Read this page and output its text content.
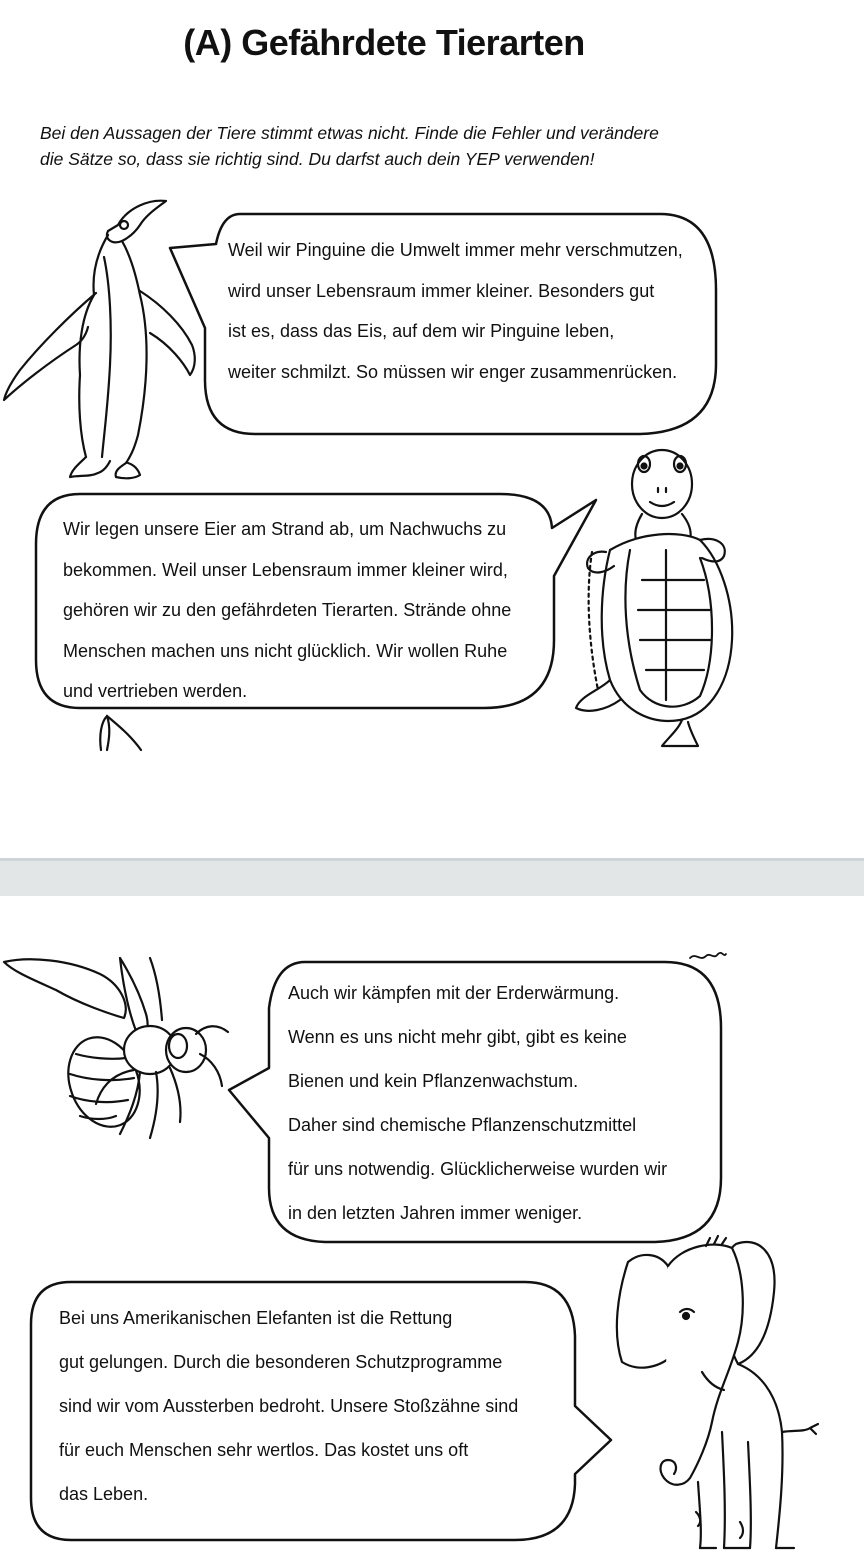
(A) Gefährdete Tierarten

Bei den Aussagen der Tiere stimmt etwas nicht. Finde die Fehler und verändere

die Sätze so, dass sie richtig sind. Du darfst auch dein YEP verwenden!

Weil wir Pinguine die Umwelt immer mehr verschmutzen,

wird unser Lebensraum immer kleiner. Besonders gut

ist es, dass das Eis, auf dem wir Pinguine leben,

weiter schmilzt. So müssen wir enger zusammenrücken.

Wir legen unsere Eier am Strand ab, um Nachwuchs zu

bekommen. Weil unser Lebensraum immer kleiner wird,

gehören wir zu den gefährdeten Tierarten. Strände ohne

Menschen machen uns nicht glücklich. Wir wollen Ruhe

und vertrieben werden.

Auch wir kämpfen mit der Erderwärmung.

Wenn es uns nicht mehr gibt, gibt es keine

Bienen und kein Pflanzenwachstum.

Daher sind chemische Pflanzenschutzmittel

für uns notwendig. Glücklicherweise wurden wir

in den letzten Jahren immer weniger.

Bei uns Amerikanischen Elefanten ist die Rettung

gut gelungen. Durch die besonderen Schutzprogramme

sind wir vom Aussterben bedroht. Unsere Stoßzähne sind

für euch Menschen sehr wertlos. Das kostet uns oft

das Leben.
